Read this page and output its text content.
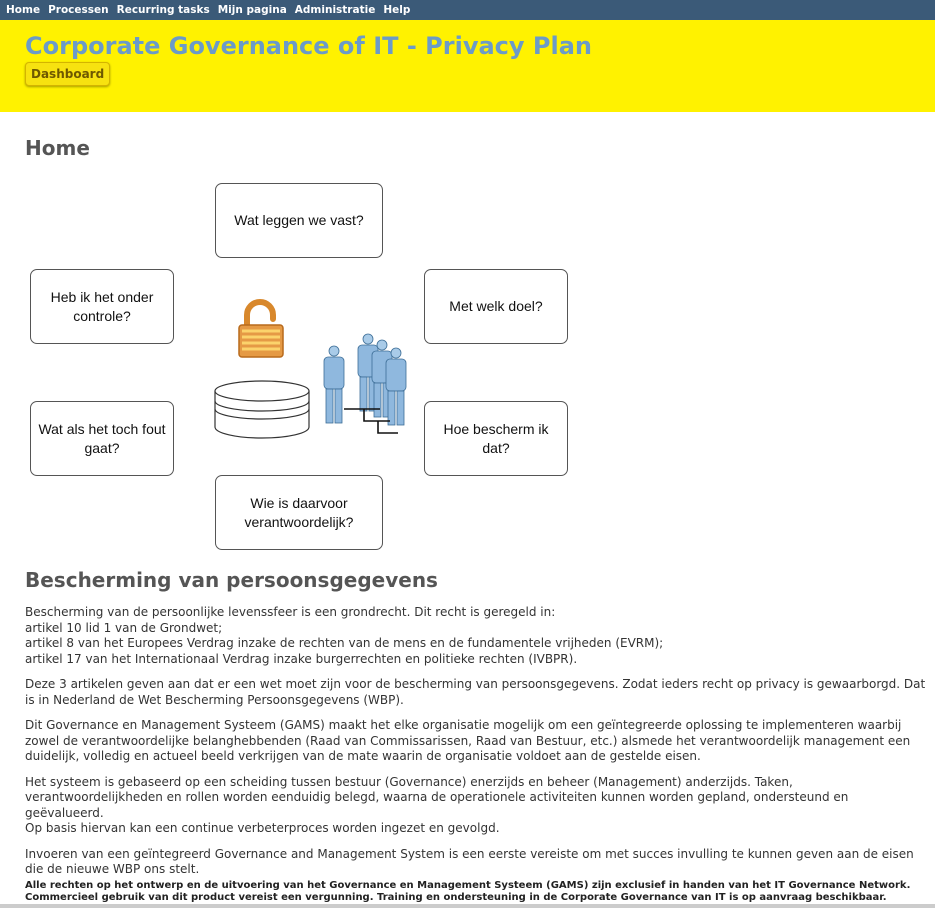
Home Processen Recurring tasks Mijn pagina Administratie Help
Corporate Governance of IT - Privacy Plan
Dashboard
Home
Wat leggen we vast?
Met welk doel?
Hoe bescherm ik dat?
Wie is daarvoor verantwoordelijk?
Wat als het toch fout gaat?
Heb ik het onder controle?
Bescherming van persoonsgegevens

Bescherming van de persoonlijke levenssfeer is een grondrecht. Dit recht is geregeld in:
artikel 10 lid 1 van de Grondwet;
artikel 8 van het Europees Verdrag inzake de rechten van de mens en de fundamentele vrijheden (EVRM);
artikel 17 van het Internationaal Verdrag inzake burgerrechten en politieke rechten (IVBPR).

Deze 3 artikelen geven aan dat er een wet moet zijn voor de bescherming van persoonsgegevens. Zodat ieders recht op privacy is gewaarborgd. Dat is in Nederland de Wet Bescherming Persoonsgegevens (WBP).

Dit Governance en Management Systeem (GAMS) maakt het elke organisatie mogelijk om een geïntegreerde oplossing te implementeren waarbij zowel de verantwoordelijke belanghebbenden (Raad van Commissarissen, Raad van Bestuur, etc.) alsmede het verantwoordelijk management een duidelijk, volledig en actueel beeld verkrijgen van de mate waarin de organisatie voldoet aan de gestelde eisen.

Het systeem is gebaseerd op een scheiding tussen bestuur (Governance) enerzijds en beheer (Management) anderzijds. Taken, verantwoordelijkheden en rollen worden eenduidig belegd, waarna de operationele activiteiten kunnen worden gepland, ondersteund en geëvalueerd.
Op basis hiervan kan een continue verbeterproces worden ingezet en gevolgd.

Invoeren van een geïntegreerd Governance and Management System is een eerste vereiste om met succes invulling te kunnen geven aan de eisen die de nieuwe WBP ons stelt.

Alle rechten op het ontwerp en de uitvoering van het Governance en Management Systeem (GAMS) zijn exclusief in handen van het IT Governance Network.
Commercieel gebruik van dit product vereist een vergunning. Training en ondersteuning in de Corporate Governance van IT is op aanvraag beschikbaar.
